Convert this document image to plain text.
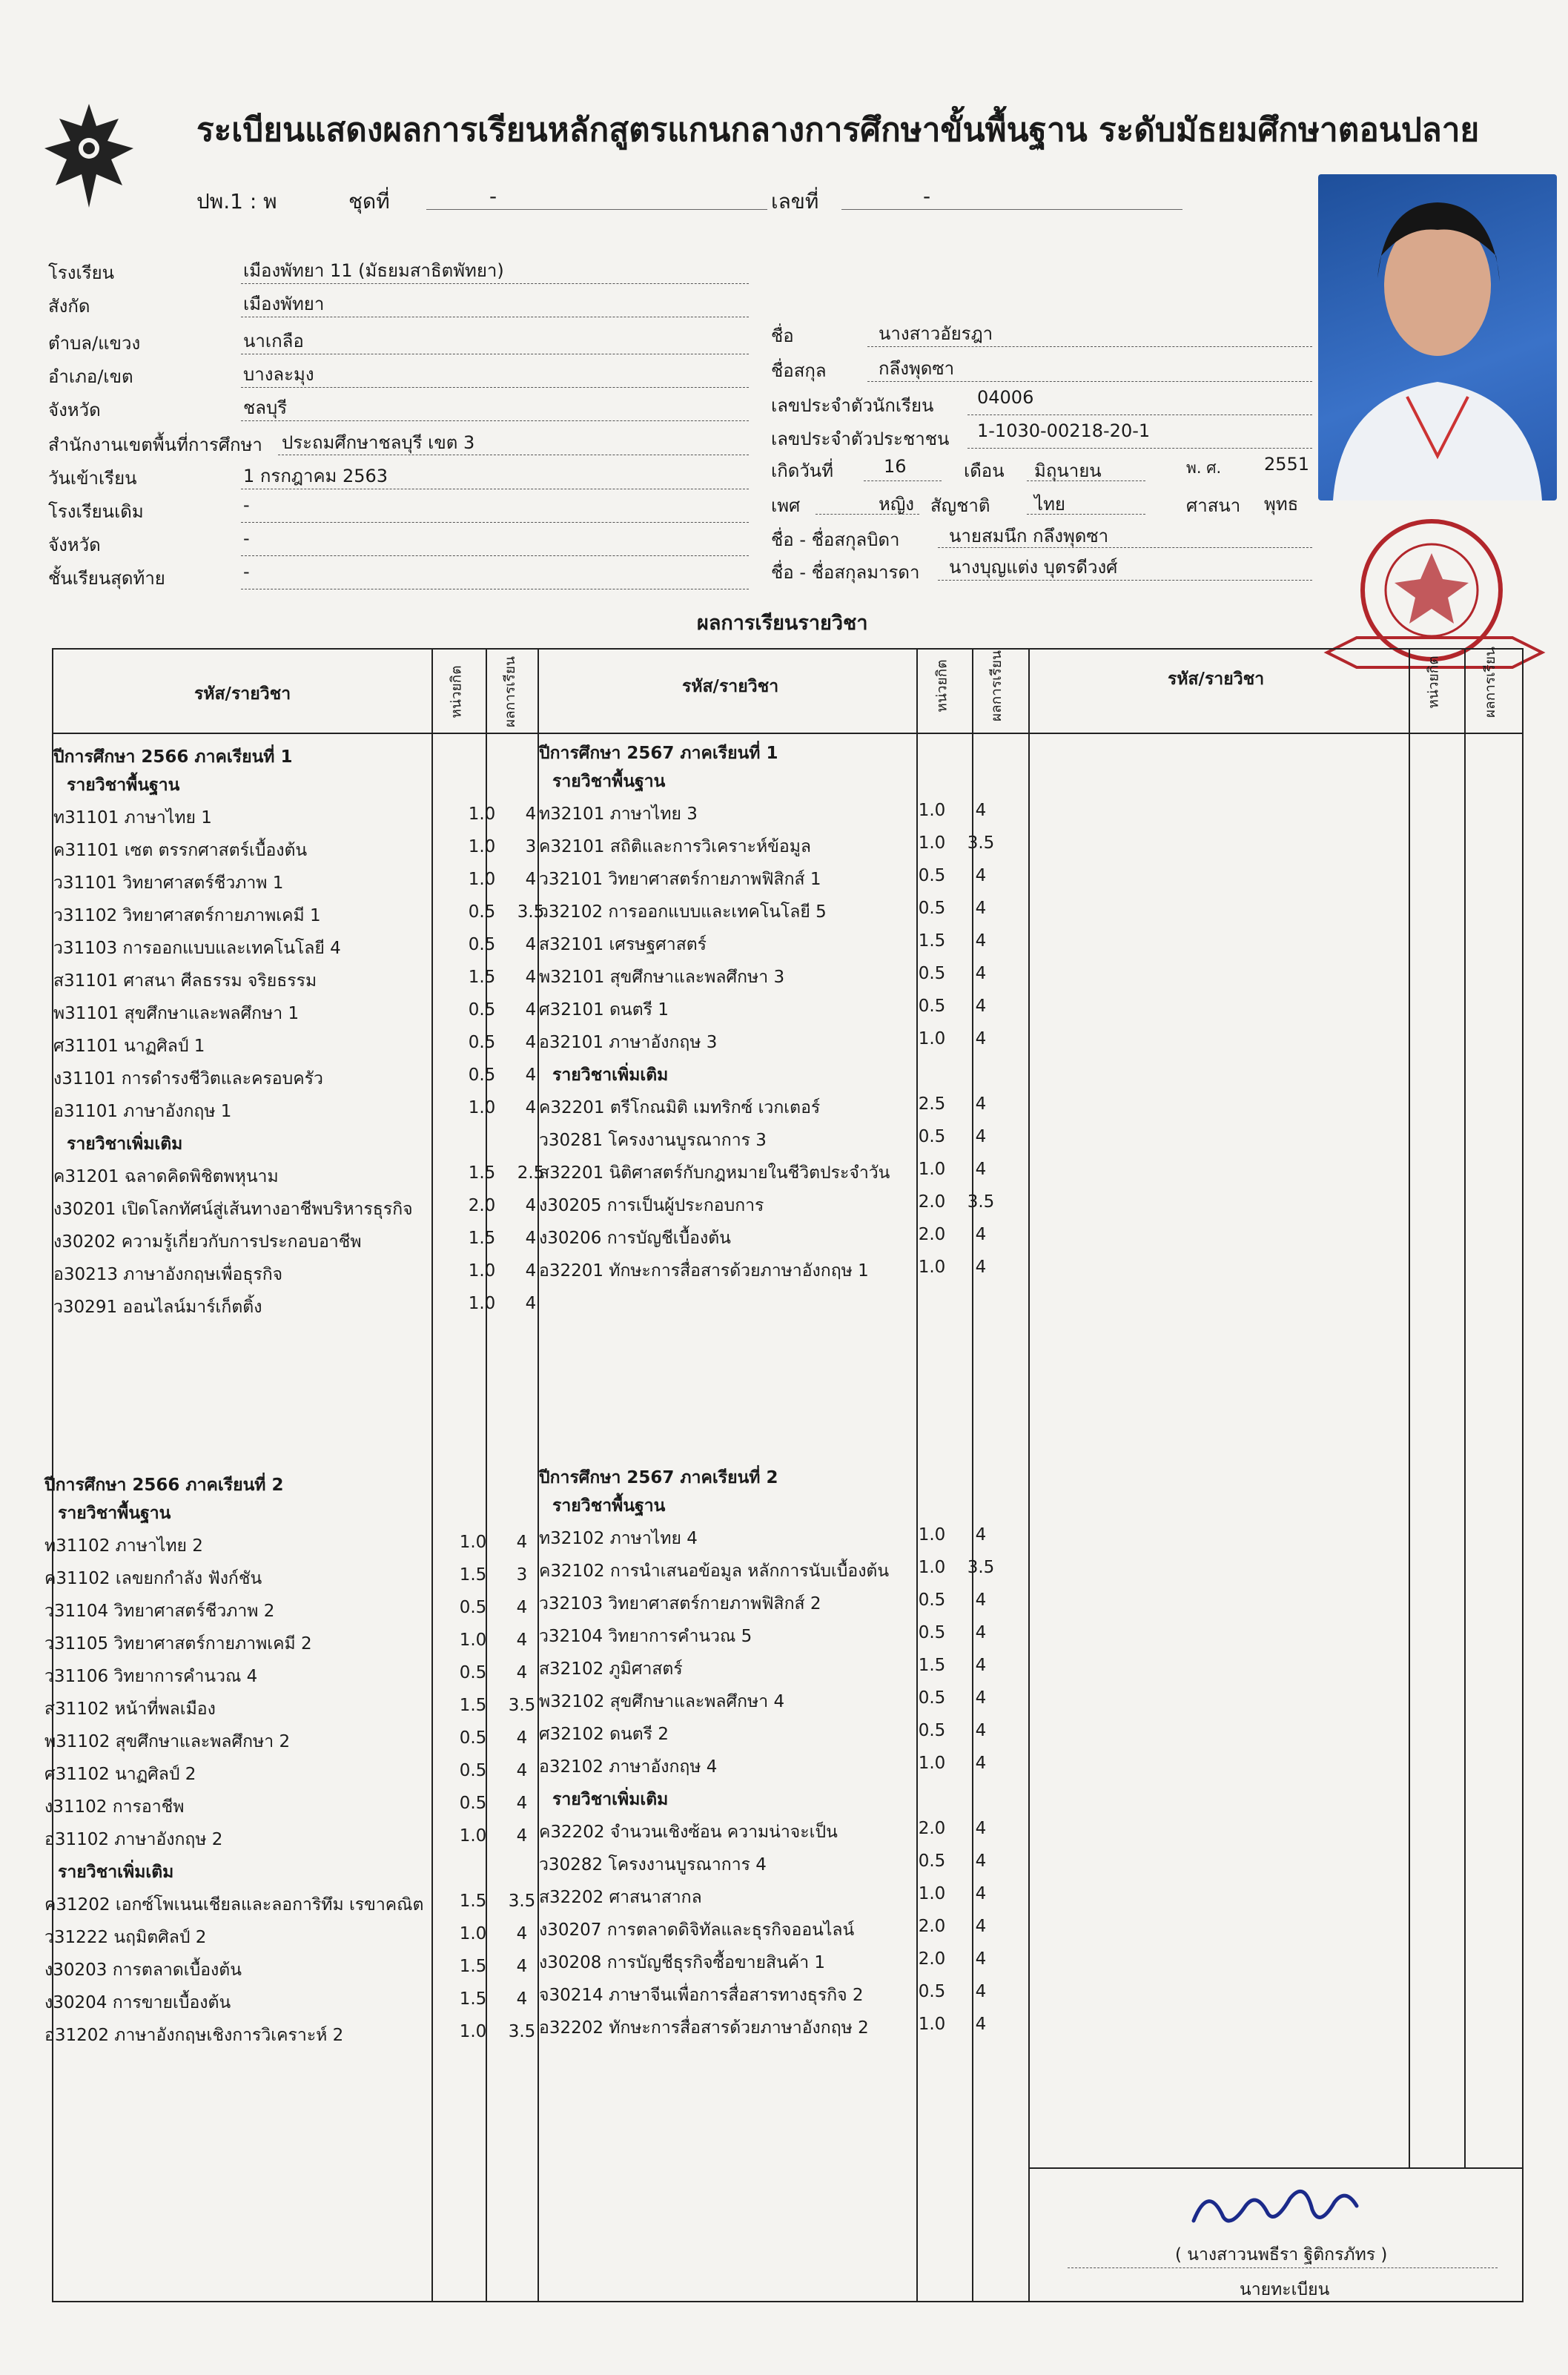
ระเบียนแสดงผลการเรียนหลักสูตรแกนกลางการศึกษาขั้นพื้นฐาน ระดับมัธยมศึกษาตอนปลาย
ปพ.1 : พ	ชุดที่	-	เลขที่	-
โรงเรียน	เมืองพัทยา 11 (มัธยมสาธิตพัทยา)
สังกัด	เมืองพัทยา
ตำบล/แขวง	นาเกลือ
อำเภอ/เขต	บางละมุง
จังหวัด	ชลบุรี
สำนักงานเขตพื้นที่การศึกษา ประถมศึกษาชลบุรี เขต 3
วันเข้าเรียน	1 กรกฎาคม 2563
โรงเรียนเดิม	-
จังหวัด	-
ชั้นเรียนสุดท้าย	-
ชื่อ	นางสาวอัยรฎา
ชื่อสกุล	กลึงพุดซา
เลขประจำตัวนักเรียน 04006
เลขประจำตัวประชาชน 1-1030-00218-20-1
เกิดวันที่	16	เดือน มิถุนายน	พ. ศ. 2551
เพศ	หญิง สัญชาติ ไทย	ศาสนา พุทธ
ชื่อ - ชื่อสกุลบิดา	นายสมนึก กลึงพุดซา
ชื่อ - ชื่อสกุลมารดา นางบุญแต่ง บุตรดีวงศ์
ผลการเรียนรายวิชา
รหัส/รายวิชา	รหัส/รายวิชา	รหัส/รายวิชา
หน่วยกิต	ผลการเรียน	หน่วยกิต	ผลการเรียน	หน่วยกิต	ผลการเรียน
ปีการศึกษา 2566 ภาคเรียนที่ 1
รายวิชาพื้นฐาน
ท31101 ภาษาไทย 1	1.0	4
ค31101 เซต ตรรกศาสตร์เบื้องต้น	1.0	3
ว31101 วิทยาศาสตร์ชีวภาพ 1	1.0	4
ว31102 วิทยาศาสตร์กายภาพเคมี 1	0.5	3.5
ว31103 การออกแบบและเทคโนโลยี 4	0.5	4
ส31101 ศาสนา ศีลธรรม จริยธรรม	1.5	4
พ31101 สุขศึกษาและพลศึกษา 1	0.5	4
ศ31101 นาฏศิลป์ 1	0.5	4
ง31101 การดำรงชีวิตและครอบครัว	0.5	4
อ31101 ภาษาอังกฤษ 1	1.0	4
รายวิชาเพิ่มเติม
ค31201 ฉลาดคิดพิชิตพหุนาม	1.5	2.5
ง30201 เปิดโลกทัศน์สู่เส้นทางอาชีพบริหารธุรกิจ	2.0	4
ง30202 ความรู้เกี่ยวกับการประกอบอาชีพ	1.5	4
อ30213 ภาษาอังกฤษเพื่อธุรกิจ	1.0	4
ว30291 ออนไลน์มาร์เก็ตติ้ง	1.0	4
ปีการศึกษา 2567 ภาคเรียนที่ 1
รายวิชาพื้นฐาน
ท32101 ภาษาไทย 3	1.0	4
ค32101 สถิติและการวิเคราะห์ข้อมูล	1.0	3.5
ว32101 วิทยาศาสตร์กายภาพฟิสิกส์ 1	0.5	4
ว32102 การออกแบบและเทคโนโลยี 5	0.5	4
ส32101 เศรษฐศาสตร์	1.5	4
พ32101 สุขศึกษาและพลศึกษา 3	0.5	4
ศ32101 ดนตรี 1	0.5	4
อ32101 ภาษาอังกฤษ 3	1.0	4
รายวิชาเพิ่มเติม
ค32201 ตรีโกณมิติ เมทริกซ์ เวกเตอร์	2.5	4
ว30281 โครงงานบูรณาการ 3	0.5	4
ส32201 นิติศาสตร์กับกฎหมายในชีวิตประจำวัน	1.0	4
ง30205 การเป็นผู้ประกอบการ	2.0	3.5
ง30206 การบัญชีเบื้องต้น	2.0	4
อ32201 ทักษะการสื่อสารด้วยภาษาอังกฤษ 1	1.0	4
ปีการศึกษา 2566 ภาคเรียนที่ 2
รายวิชาพื้นฐาน
ท31102 ภาษาไทย 2	1.0	4
ค31102 เลขยกกำลัง ฟังก์ชัน	1.5	3
ว31104 วิทยาศาสตร์ชีวภาพ 2	0.5	4
ว31105 วิทยาศาสตร์กายภาพเคมี 2	1.0	4
ว31106 วิทยาการคำนวณ 4	0.5	4
ส31102 หน้าที่พลเมือง	1.5	3.5
พ31102 สุขศึกษาและพลศึกษา 2	0.5	4
ศ31102 นาฏศิลป์ 2	0.5	4
ง31102 การอาชีพ	0.5	4
อ31102 ภาษาอังกฤษ 2	1.0	4
รายวิชาเพิ่มเติม
ค31202 เอกซ์โพเนนเชียลและลอการิทึม เรขาคณิต	1.5	3.5
ว31222 นฤมิตศิลป์ 2	1.0	4
ง30203 การตลาดเบื้องต้น	1.5	4
ง30204 การขายเบื้องต้น	1.5	4
อ31202 ภาษาอังกฤษเชิงการวิเคราะห์ 2	1.0	3.5
ปีการศึกษา 2567 ภาคเรียนที่ 2
รายวิชาพื้นฐาน
ท32102 ภาษาไทย 4	1.0	4
ค32102 การนำเสนอข้อมูล หลักการนับเบื้องต้น	1.0	3.5
ว32103 วิทยาศาสตร์กายภาพฟิสิกส์ 2	0.5	4
ว32104 วิทยาการคำนวณ 5	0.5	4
ส32102 ภูมิศาสตร์	1.5	4
พ32102 สุขศึกษาและพลศึกษา 4	0.5	4
ศ32102 ดนตรี 2	0.5	4
อ32102 ภาษาอังกฤษ 4	1.0	4
รายวิชาเพิ่มเติม
ค32202 จำนวนเชิงซ้อน ความน่าจะเป็น	2.0	4
ว30282 โครงงานบูรณาการ 4	0.5	4
ส32202 ศาสนาสากล	1.0	4
ง30207 การตลาดดิจิทัลและธุรกิจออนไลน์	2.0	4
ง30208 การบัญชีธุรกิจซื้อขายสินค้า 1	2.0	4
จ30214 ภาษาจีนเพื่อการสื่อสารทางธุรกิจ 2	0.5	4
อ32202 ทักษะการสื่อสารด้วยภาษาอังกฤษ 2	1.0	4
( นางสาวนพธีรา ฐิติกรภัทร )
นายทะเบียน
